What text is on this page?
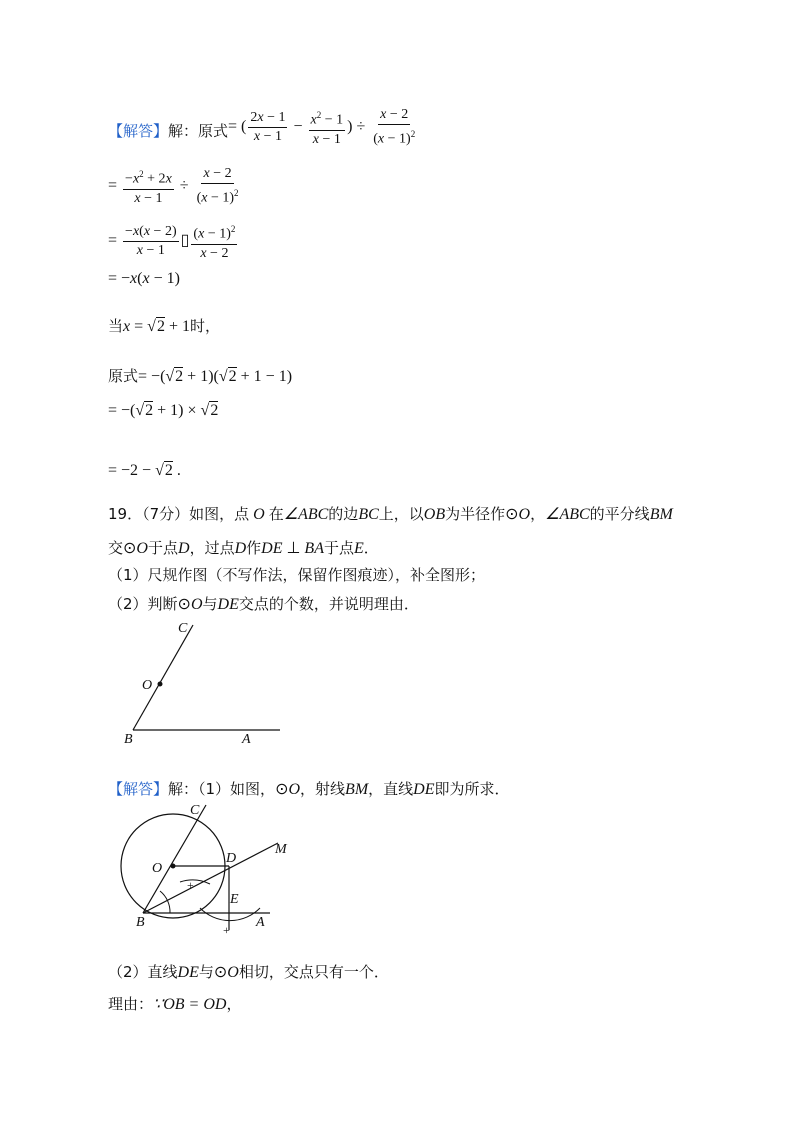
【解答】解：原式 = ( $\frac{2x - 1}{x - 1} - \frac{x^2 - 1}{x - 1}$ ) ÷ $\frac{x - 2}{(x - 1)^2}$
= $\frac{-x^2 + 2x}{x - 1} \div \frac{x - 2}{(x - 1)^2}$
= $\frac{-x(x - 2)}{x - 1}$ ▯ $\frac{(x - 1)^2}{x - 2}$
= −x(x − 1)
当x = √2 + 1时，
原式= −(√2 + 1)(√2 + 1 − 1)
= −(√2 + 1) × √2
= −2 − √2 .
19．（7分）如图，点 O 在∠ABC的边BC上，以OB为半径作⊙O，∠ABC的平分线BM
交⊙O于点D，过点D作DE ⊥ BA于点E．
（1）尺规作图（不写作法，保留作图痕迹），补全图形；
（2）判断⊙O与DE交点的个数，并说明理由．
C
O
B	A
【解答】解：（1）如图，⊙O，射线BM，直线DE即为所求．
+
+
C
D
M
O
E
B	A
（2）直线DE与⊙O相切，交点只有一个．
理由：∵OB = OD，
